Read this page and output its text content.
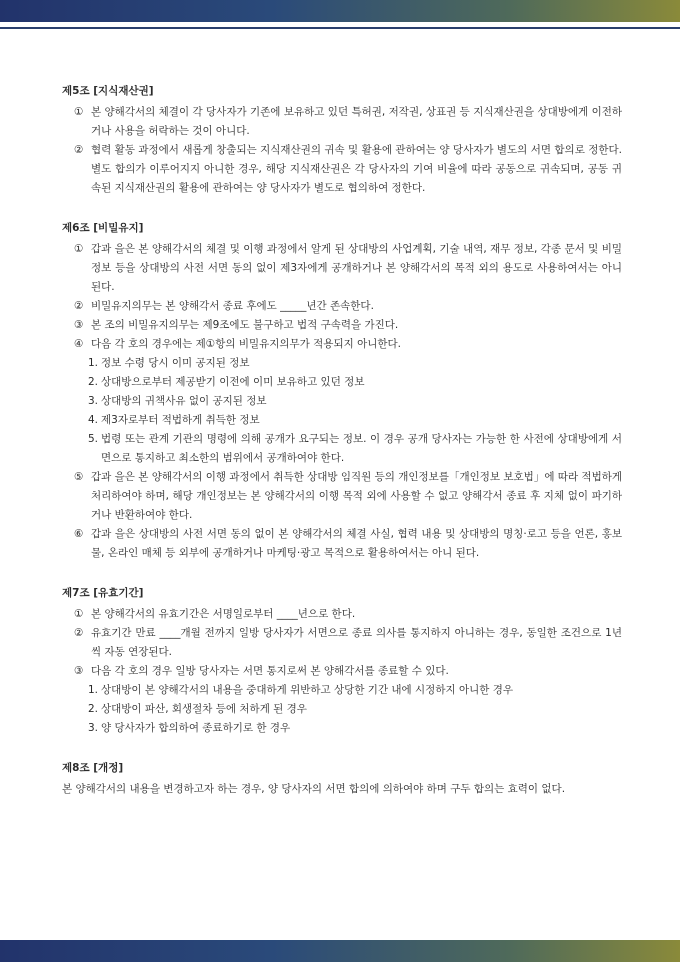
제5조 [지식재산권]

① 본 양해각서의 체결이 각 당사자가 기존에 보유하고 있던 특허권, 저작권, 상표권 등 지식재산권을 상대방에게 이전하거나 사용을 허락하는 것이 아니다.

② 협력 활동 과정에서 새롭게 창출되는 지식재산권의 귀속 및 활용에 관하여는 양 당사자가 별도의 서면 합의로 정한다. 별도 합의가 이루어지지 아니한 경우, 해당 지식재산권은 각 당사자의 기여 비율에 따라 공동으로 귀속되며, 공동 귀속된 지식재산권의 활용에 관하여는 양 당사자가 별도로 협의하여 정한다.

제6조 [비밀유지]

① 갑과 을은 본 양해각서의 체결 및 이행 과정에서 알게 된 상대방의 사업계획, 기술 내역, 재무 정보, 각종 문서 및 비밀정보 등을 상대방의 사전 서면 동의 없이 제3자에게 공개하거나 본 양해각서의 목적 외의 용도로 사용하여서는 아니 된다.

② 비밀유지의무는 본 양해각서 종료 후에도 _____년간 존속한다.

③ 본 조의 비밀유지의무는 제9조에도 불구하고 법적 구속력을 가진다.

④ 다음 각 호의 경우에는 제①항의 비밀유지의무가 적용되지 아니한다.

1. 정보 수령 당시 이미 공지된 정보

2. 상대방으로부터 제공받기 이전에 이미 보유하고 있던 정보

3. 상대방의 귀책사유 없이 공지된 정보

4. 제3자로부터 적법하게 취득한 정보

5. 법령 또는 관계 기관의 명령에 의해 공개가 요구되는 정보. 이 경우 공개 당사자는 가능한 한 사전에 상대방에게 서면으로 통지하고 최소한의 범위에서 공개하여야 한다.

⑤ 갑과 을은 본 양해각서의 이행 과정에서 취득한 상대방 임직원 등의 개인정보를「개인정보 보호법」에 따라 적법하게 처리하여야 하며, 해당 개인정보는 본 양해각서의 이행 목적 외에 사용할 수 없고 양해각서 종료 후 지체 없이 파기하거나 반환하여야 한다.

⑥ 갑과 을은 상대방의 사전 서면 동의 없이 본 양해각서의 체결 사실, 협력 내용 및 상대방의 명칭·로고 등을 언론, 홍보물, 온라인 매체 등 외부에 공개하거나 마케팅·광고 목적으로 활용하여서는 아니 된다.

제7조 [유효기간]

① 본 양해각서의 유효기간은 서명일로부터 ____년으로 한다.

② 유효기간 만료 ____개월 전까지 일방 당사자가 서면으로 종료 의사를 통지하지 아니하는 경우, 동일한 조건으로 1년씩 자동 연장된다.

③ 다음 각 호의 경우 일방 당사자는 서면 통지로써 본 양해각서를 종료할 수 있다.

1. 상대방이 본 양해각서의 내용을 중대하게 위반하고 상당한 기간 내에 시정하지 아니한 경우

2. 상대방이 파산, 회생절차 등에 처하게 된 경우

3. 양 당사자가 합의하여 종료하기로 한 경우

제8조 [개정]

본 양해각서의 내용을 변경하고자 하는 경우, 양 당사자의 서면 합의에 의하여야 하며 구두 합의는 효력이 없다.
